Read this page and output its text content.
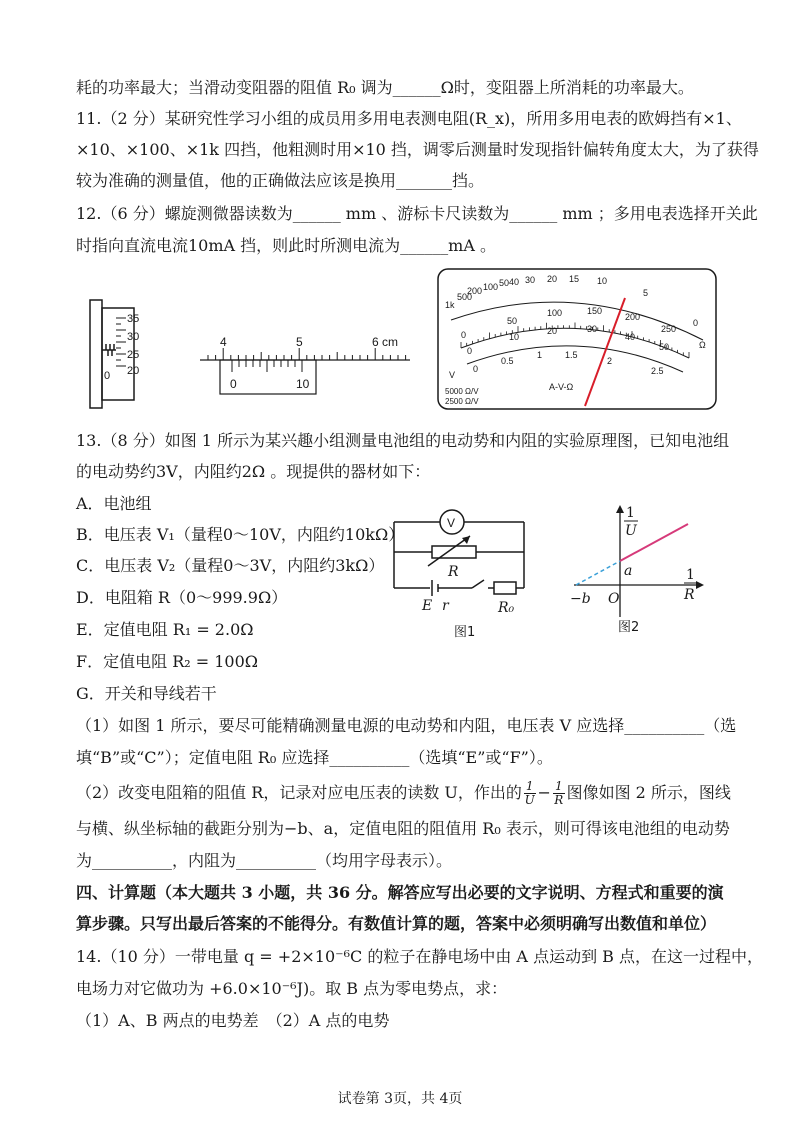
耗的功率最大；当滑动变阻器的阻值 R₀ 调为______Ω时，变阻器上所消耗的功率最大。
11.（2 分）某研究性学习小组的成员用多用电表测电阻(R_x)，所用多用电表的欧姆挡有×1、
×10、×100、×1k 四挡，他粗测时用×10 挡，调零后测量时发现指针偏转角度太大，为了获得
较为准确的测量值，他的正确做法应该是换用_______挡。
12.（6 分）螺旋测微器读数为______ mm 、游标卡尺读数为______ mm ；多用电表选择开关此
时指向直流电流10mA 挡，则此时所测电流为______mA 。
35
30
25
20
0
4	5	6 cm
0	10
1k
500
200 100 50 40 30 20 15 10
5
0
Ω
0
50
100	150
200
250
0
10
20	30
40
50
0
0.5
1	1.5
2
2.5
V
5000 Ω/V
2500 Ω/V
A-V-Ω
13.（8 分）如图 1 所示为某兴趣小组测量电池组的电动势和内阻的实验原理图，已知电池组
的电动势约3V，内阻约2Ω 。现提供的器材如下：
A．电池组
B．电压表 V₁（量程0～10V，内阻约10kΩ）
C．电压表 V₂（量程0～3V，内阻约3kΩ）
D．电阻箱 R（0～999.9Ω）
E．定值电阻 R₁ = 2.0Ω
F．定值电阻 R₂ = 100Ω
G．开关和导线若干
V
R
E r	R₀
图1
1
U
1
R
a
−b O
图2
（1）如图 1 所示，要尽可能精确测量电源的电动势和内阻，电压表 V 应选择__________（选
填“B”或“C”）；定值电阻 R₀ 应选择__________（选填“E”或“F”）。
（2）改变电阻箱的阻值 R，记录对应电压表的读数 U，作出的 $\frac{1}{U} - \frac{1}{R}$ 图像如图 2 所示，图线
与横、纵坐标轴的截距分别为−b、a，定值电阻的阻值用 R₀ 表示，则可得该电池组的电动势
为__________，内阻为__________（均用字母表示）。
四、计算题（本大题共 3 小题，共 36 分。解答应写出必要的文字说明、方程式和重要的演
算步骤。只写出最后答案的不能得分。有数值计算的题，答案中必须明确写出数值和单位）
14.（10 分）一带电量 q = +2×10⁻⁶C 的粒子在静电场中由 A 点运动到 B 点，在这一过程中，
电场力对它做功为 +6.0×10⁻⁶J)。取 B 点为零电势点，求：
（1）A、B 两点的电势差　（2）A 点的电势
试卷第 3页，共 4页
